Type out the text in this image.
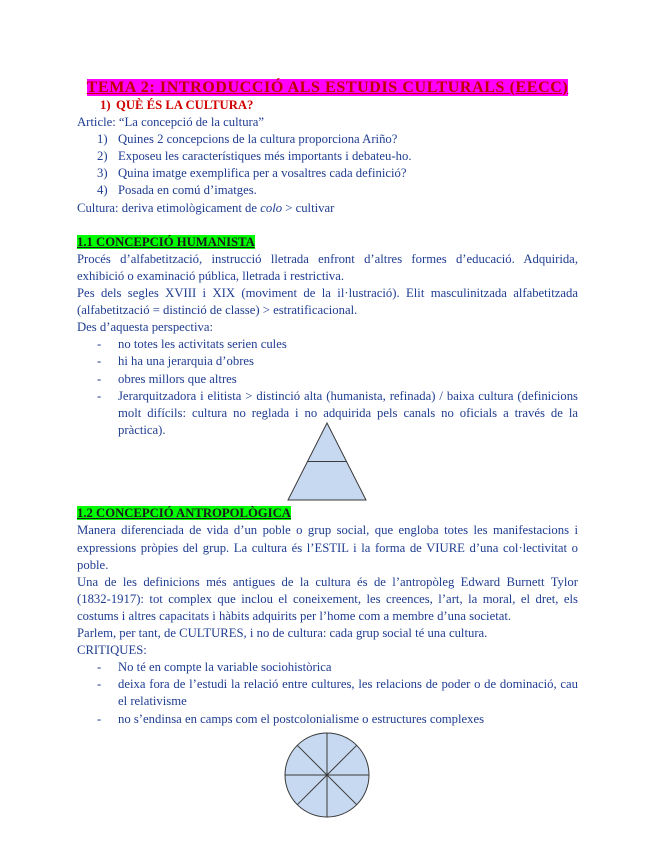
TEMA 2: INTRODUCCIÓ ALS ESTUDIS CULTURALS (EECC)
1) QUÈ ÉS LA CULTURA?
Article: “La concepció de la cultura”
1) Quines 2 concepcions de la cultura proporciona Ariño?
2) Exposeu les característiques més importants i debateu-ho.
3) Quina imatge exemplifica per a vosaltres cada definició?
4) Posada en comú d’imatges.
Cultura: deriva etimològicament de colo > cultivar
1.1 CONCEPCIÓ HUMANISTA
Procés d’alfabetització, instrucció lletrada enfront d’altres formes d’educació. Adquirida,
exhibició o examinació pública, lletrada i restrictiva.
Pes dels segles XVIII i XIX (moviment de la il·lustració). Elit masculinitzada alfabetitzada
(alfabetització = distinció de classe) > estratificacional.
Des d’aquesta perspectiva:
-	no totes les activitats serien cules
-	hi ha una jerarquia d’obres
-	obres millors que altres
-	Jerarquitzadora i elitista > distinció alta (humanista, refinada) / baixa cultura (definicions
molt difícils: cultura no reglada i no adquirida pels canals no oficials a través de la
pràctica).
1.2 CONCEPCIÓ ANTROPOLÒGICA
Manera diferenciada de vida d’un poble o grup social, que engloba totes les manifestacions i
expressions pròpies del grup. La cultura és l’ESTIL i la forma de VIURE d’una col·lectivitat o
poble.
Una de les definicions més antigues de la cultura és de l’antropòleg Edward Burnett Tylor
(1832-1917): tot complex que inclou el coneixement, les creences, l’art, la moral, el dret, els
costums i altres capacitats i hàbits adquirits per l’home com a membre d’una societat.
Parlem, per tant, de CULTURES, i no de cultura: cada grup social té una cultura.
CRITIQUES:
-	No té en compte la variable sociohistòrica
-	deixa fora de l’estudi la relació entre cultures, les relacions de poder o de dominació, cau
el relativisme
-	no s’endinsa en camps com el postcolonialisme o estructures complexes
